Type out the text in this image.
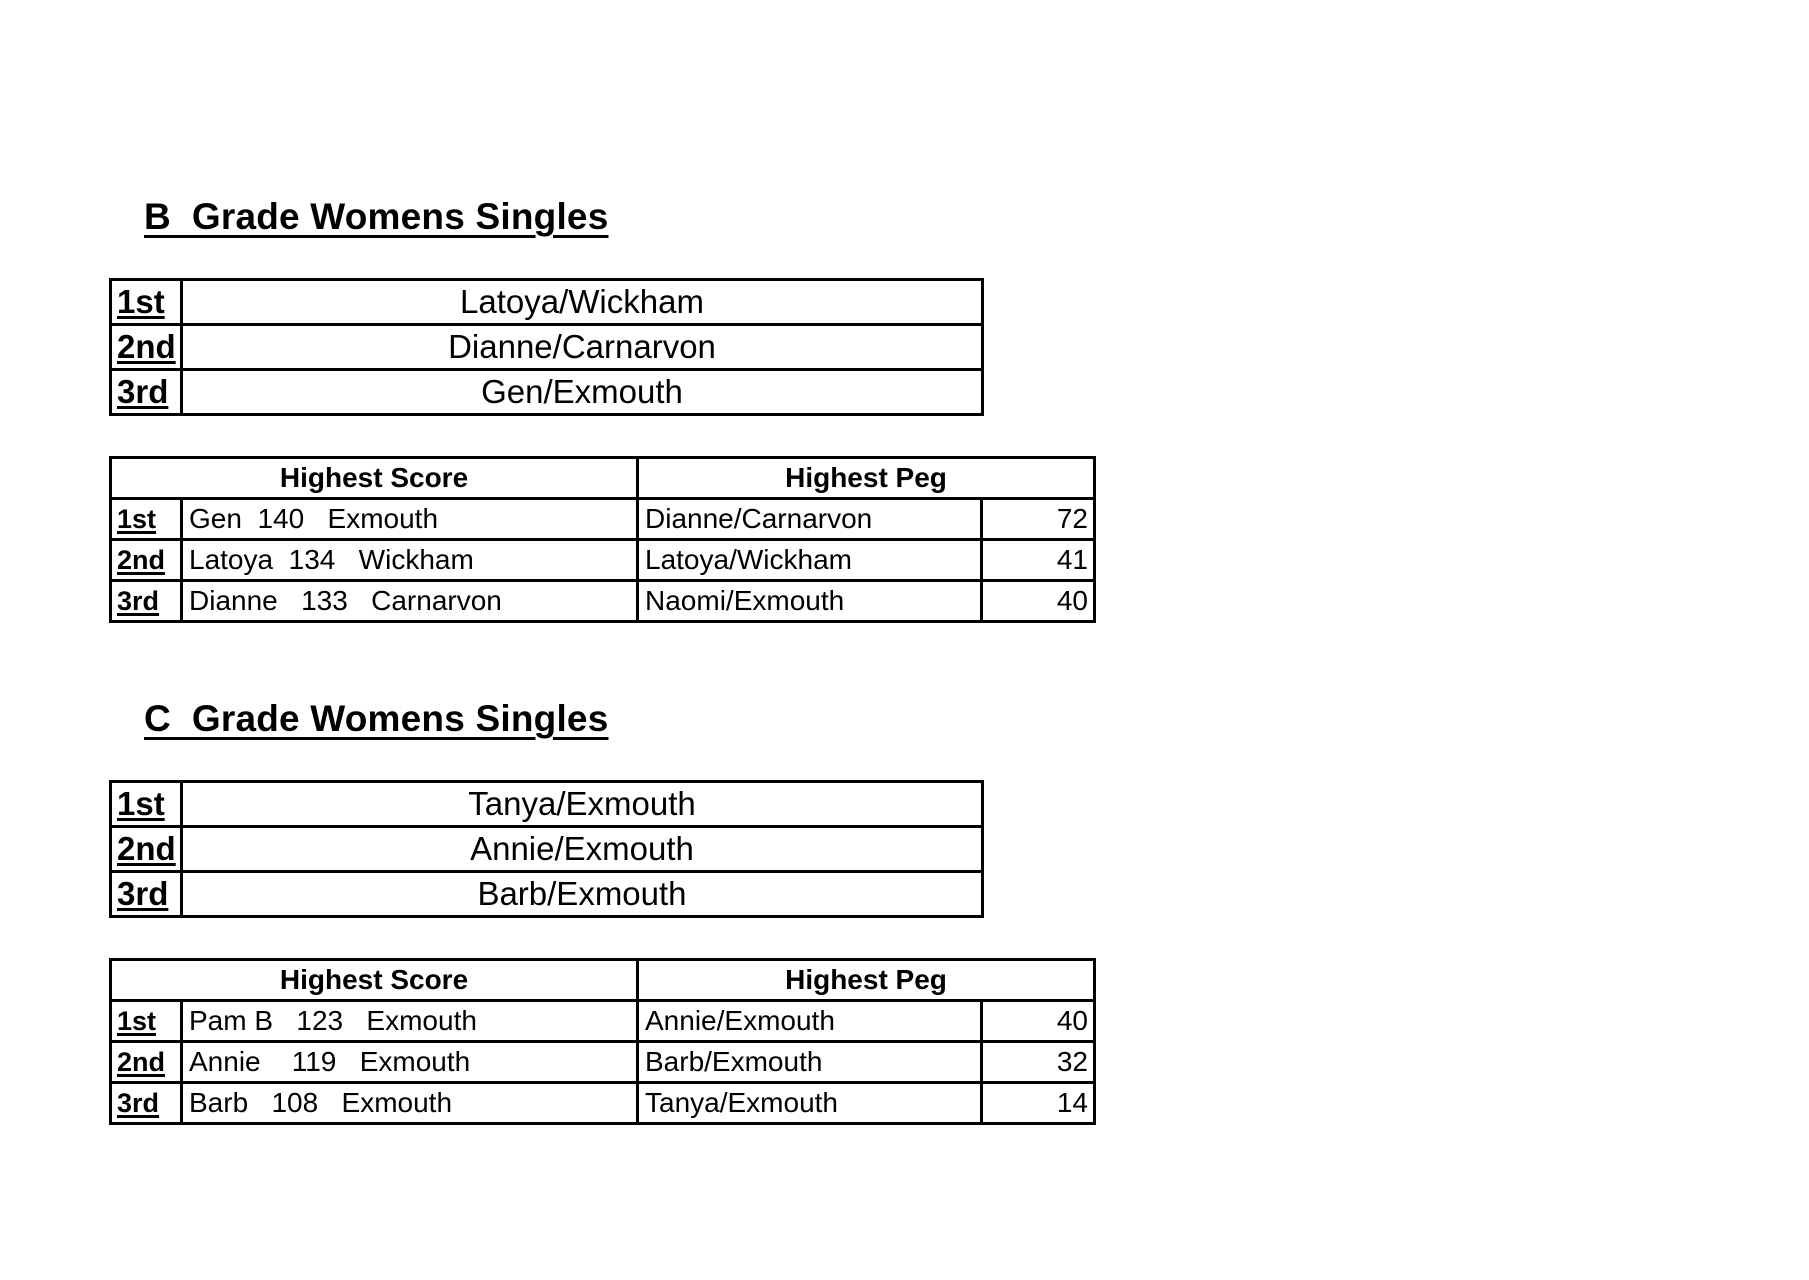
B  Grade Womens Singles
1st	Latoya/Wickham
2nd	Dianne/Carnarvon
3rd	Gen/Exmouth
Highest Score		Highest Peg	
1st	Gen  140   Exmouth	Dianne/Carnarvon	72
2nd	Latoya  134   Wickham	Latoya/Wickham	41
3rd	Dianne   133   Carnarvon	Naomi/Exmouth	40
C  Grade Womens Singles
1st	Tanya/Exmouth
2nd	Annie/Exmouth
3rd	Barb/Exmouth
Highest Score		Highest Peg	
1st	Pam B   123   Exmouth	Annie/Exmouth	40
2nd	Annie    119   Exmouth	Barb/Exmouth	32
3rd	Barb   108   Exmouth	Tanya/Exmouth	14
